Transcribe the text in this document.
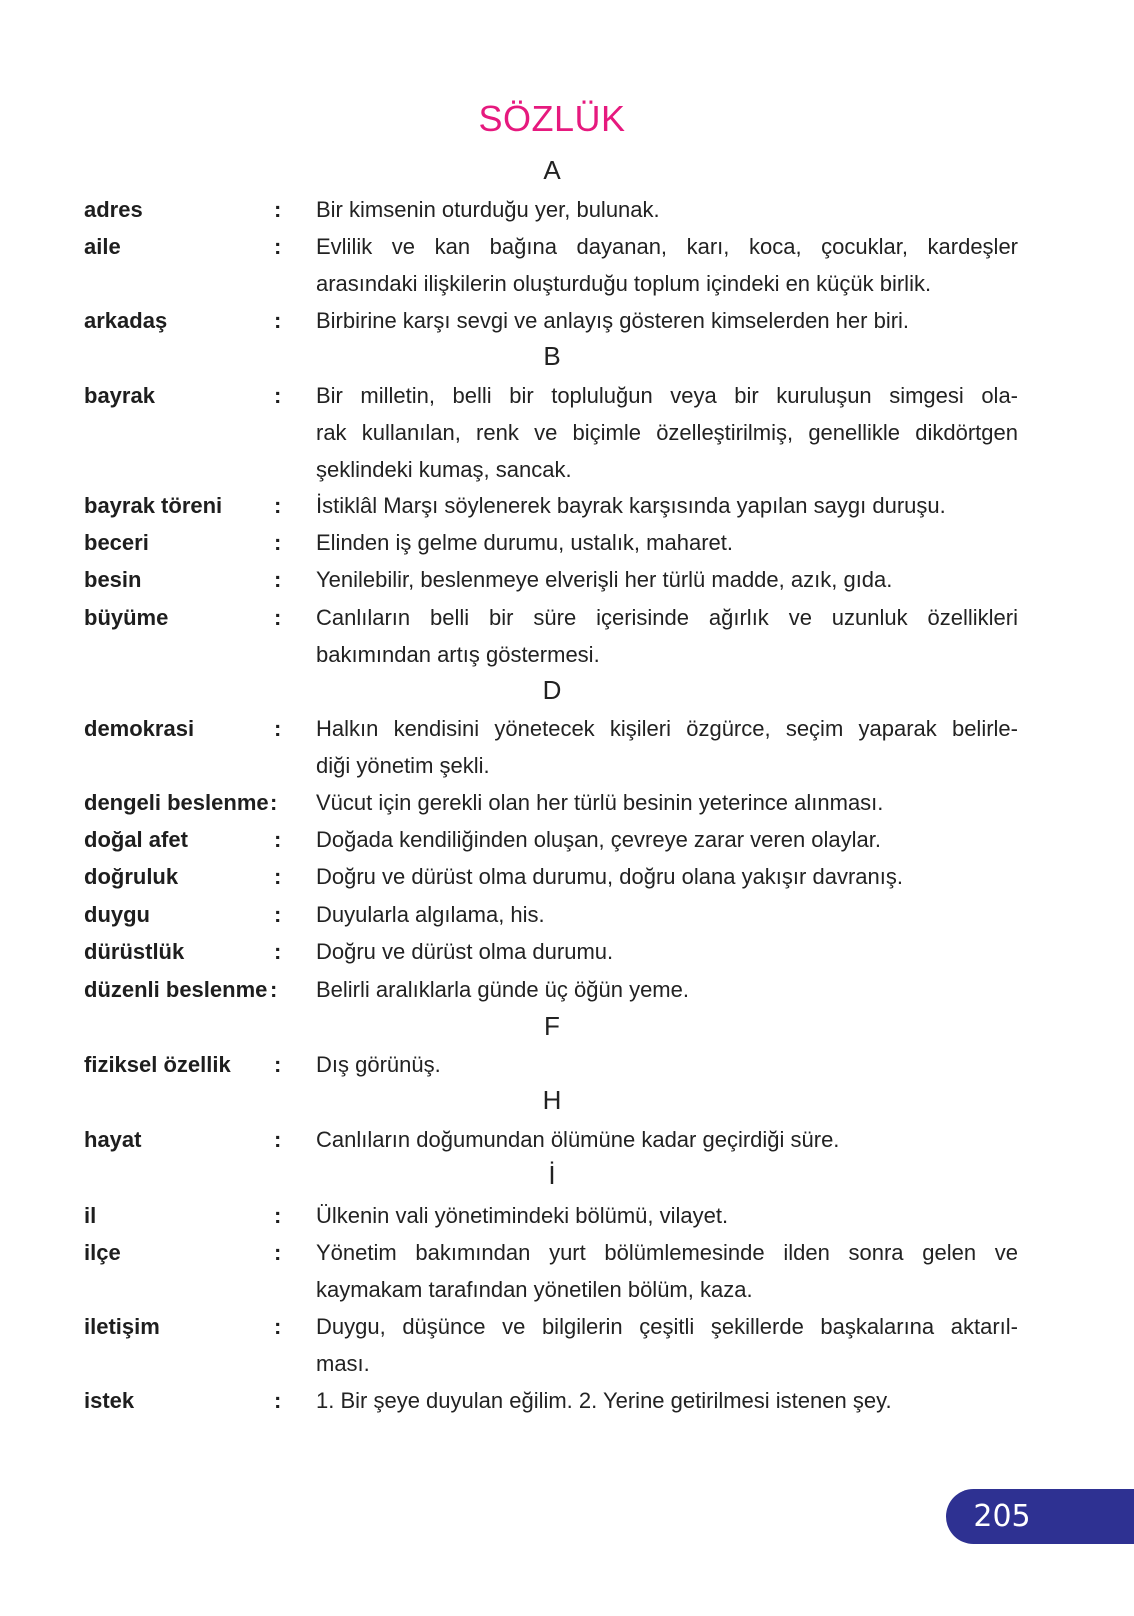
SÖZLÜK
A
adres	: Bir kimsenin oturduğu yer, bulunak.
aile	: Evlilik ve kan bağına dayanan, karı, koca, çocuklar, kardeşler
arasındaki ilişkilerin oluşturduğu toplum içindeki en küçük birlik.
arkadaş	: Birbirine karşı sevgi ve anlayış gösteren kimselerden her biri.
B
bayrak	: Bir milletin, belli bir topluluğun veya bir kuruluşun simgesi ola-
rak kullanılan, renk ve biçimle özelleştirilmiş, genellikle dikdörtgen
şeklindeki kumaş, sancak.
bayrak töreni : İstiklâl Marşı söylenerek bayrak karşısında yapılan saygı duruşu.
beceri	: Elinden iş gelme durumu, ustalık, maharet.
besin	: Yenilebilir, beslenmeye elverişli her türlü madde, azık, gıda.
büyüme	: Canlıların belli bir süre içerisinde ağırlık ve uzunluk özellikleri
bakımından artış göstermesi.
D
demokrasi	: Halkın kendisini yönetecek kişileri özgürce, seçim yaparak belirle-
diği yönetim şekli.
dengeli beslenme : Vücut için gerekli olan her türlü besinin yeterince alınması.
doğal afet	: Doğada kendiliğinden oluşan, çevreye zarar veren olaylar.
doğruluk	: Doğru ve dürüst olma durumu, doğru olana yakışır davranış.
duygu	: Duyularla algılama, his.
dürüstlük	: Doğru ve dürüst olma durumu.
düzenli beslenme : Belirli aralıklarla günde üç öğün yeme.
F
fiziksel özellik : Dış görünüş.
H
hayat	: Canlıların doğumundan ölümüne kadar geçirdiği süre.
İ
il	: Ülkenin vali yönetimindeki bölümü, vilayet.
ilçe	: Yönetim bakımından yurt bölümlemesinde ilden sonra gelen ve
kaymakam tarafından yönetilen bölüm, kaza.
iletişim	: Duygu, düşünce ve bilgilerin çeşitli şekillerde başkalarına aktarıl-
ması.
istek	: 1. Bir şeye duyulan eğilim. 2. Yerine getirilmesi istenen şey.
205
